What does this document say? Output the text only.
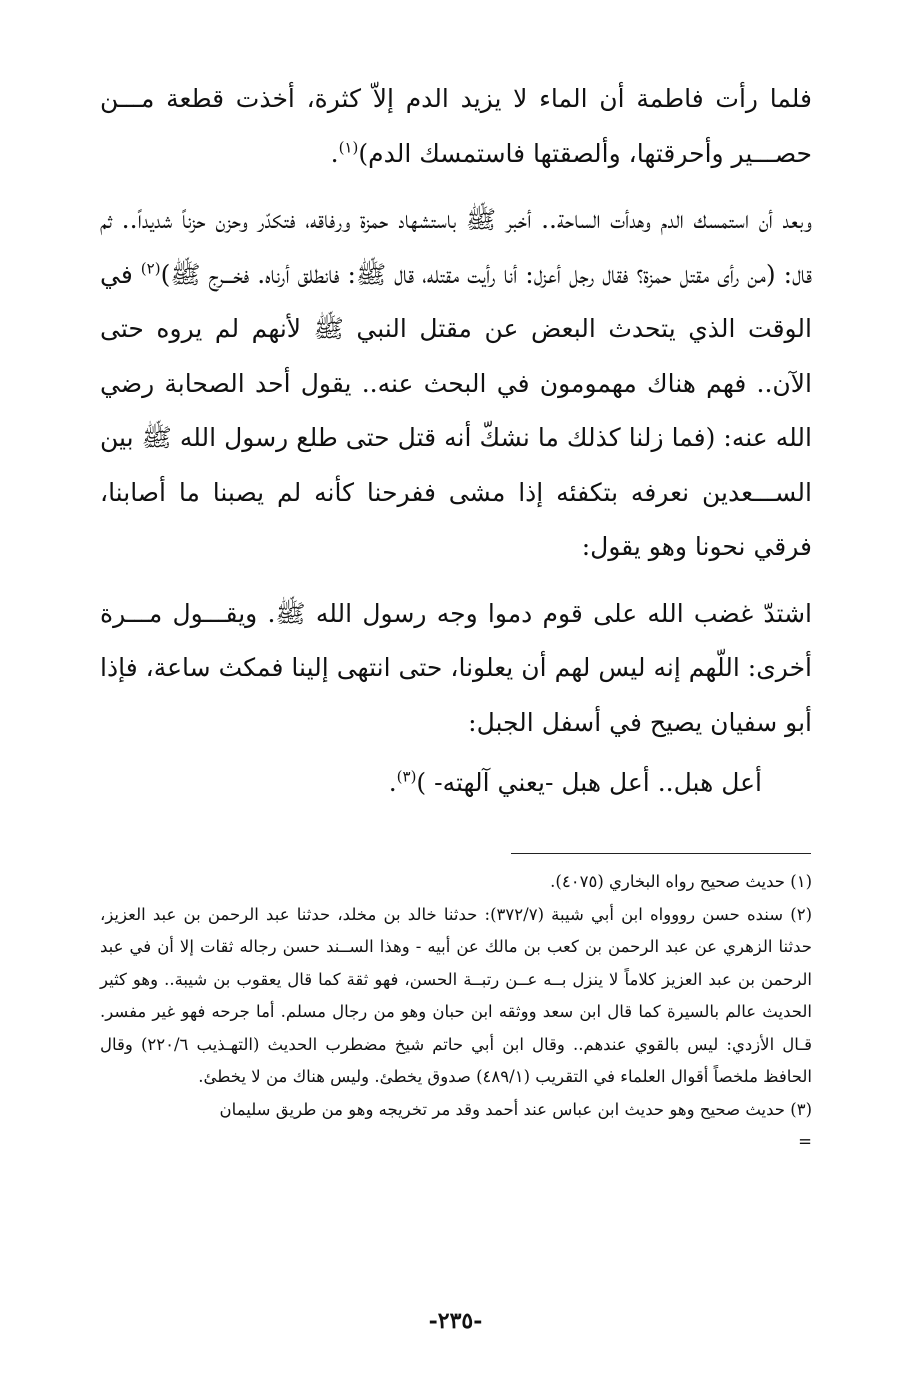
فلما رأت فاطمة أن الماء لا يزيد الدم إلاّ كثرة، أخذت قطعة مـــن حصـــير وأحرقتها، وألصقتها فاستمسك الدم)$^{(١)}$.

وبعد أن استمسك الدم وهدأت الساحة.. أخبر ﷺ باستشهاد حمزة ورفاقه، فتكدّر وحزن حزناً شديداً.. ثم قال: (من رأى مقتل حمزة؟ فقال رجل أعزل: أنا رأيت مقتله، قال ﷺ: فانطلق أرناه. فخـــرج ﷺ)$^{(٢)}$ في الوقت الذي يتحدث البعض عن مقتل النبي ﷺ لأنهم لم يروه حتى الآن.. فهم هناك مهمومون في البحث عنه.. يقول أحد الصحابة رضي الله عنه: (فما زلنا كذلك ما نشكّ أنه قتل حتى طلع رسول الله ﷺ بين الســـعدين نعرفه بتكفئه إذا مشى ففرحنا كأنه لم يصبنا ما أصابنا، فرقي نحونا وهو يقول:

اشتدّ غضب الله على قوم دموا وجه رسول الله ﷺ. ويقـــول مـــرة أخرى: اللّهم إنه ليس لهم أن يعلونا، حتى انتهى إلينا فمكث ساعة، فإذا أبو سفيان يصيح في أسفل الجبل:

أعل هبل.. أعل هبل -يعني آلهته- )$^{(٣)}$.

(١) حديث صحيح رواه البخاري (٤٠٧٥).

(٢) سنده حسن رووواه ابن أبي شيبة (٣٧٢/٧): حدثنا خالد بن مخلد، حدثنا عبد الرحمن بن عبد العزيز، حدثنا الزهري عن عبد الرحمن بن كعب بن مالك عن أبيه - وهذا الســند حسن رجاله ثقات إلا أن في عبد الرحمن بن عبد العزيز كلاماً لا ينزل بــه عــن رتبــة الحسن، فهو ثقة كما قال يعقوب بن شيبة.. وهو كثير الحديث عالم بالسيرة كما قال ابن سعد ووثقه ابن حبان وهو من رجال مسلم. أما جرحه فهو غير مفسر. قـال الأزدي: ليس بالقوي عندهم.. وقال ابن أبي حاتم شيخ مضطرب الحديث (التهـذيب ٢٢٠/٦) وقال الحافظ ملخصاً أقوال العلماء في التقريب (٤٨٩/١) صدوق يخطئ. وليس هناك من لا يخطئ.

(٣) حديث صحيح وهو حديث ابن عباس عند أحمد وقد مر تخريجه وهو من طريق سليمان
=

-٢٣٥-
